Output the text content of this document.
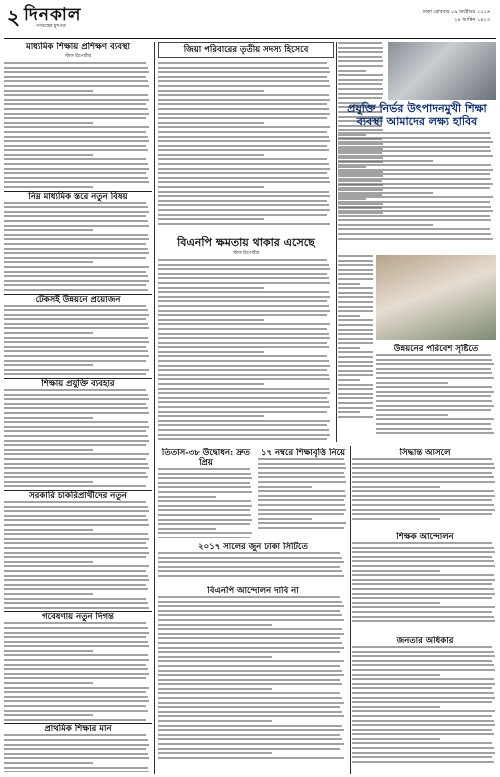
২ দিনকাল
গণতন্ত্রের মুখপত্র
ঢাকা রোববার ০৯ অক্টোবর ২০১৬
২৪ আশ্বিন ১৪২৩
মাধ্যমিক শিক্ষায় প্রশিক্ষণ ব্যবস্থা
স্টাফ রিপোর্টার
নিম্ন মাধ্যমিক স্তরে নতুন বিষয়
টেকসই উন্নয়নে প্রয়োজন
শিক্ষায় প্রযুক্তি ব্যবহার
সরকারি চাকরিপ্রার্থীদের নতুন
গবেষণায় নতুন দিগন্ত
প্রাথমিক শিক্ষার মান
জিয়া পরিবারের তৃতীয় সদস্য হিসেবে
বিএনপি ক্ষমতায় থাকার এসেছে
স্টাফ রিপোর্টার
তিতাস-৩৮ উদ্বোধন: দ্রুত প্রিয়
১৭ নম্বরে শিক্ষাবৃত্তি নিয়ে
২০১৭ সালের জুন ঢাকা সিটিতে
বিএনপি আন্দোলন দাবি না
সিদ্ধান্ত আসলে
প্রযুক্তি নির্ভর উৎপাদনমুখী শিক্ষা ব্যবস্থা আমাদের লক্ষ্য হাবিব
উন্নয়নের পরিবেশ সৃষ্টিতে
শিক্ষক আন্দোলন
জনতার অধিকার
